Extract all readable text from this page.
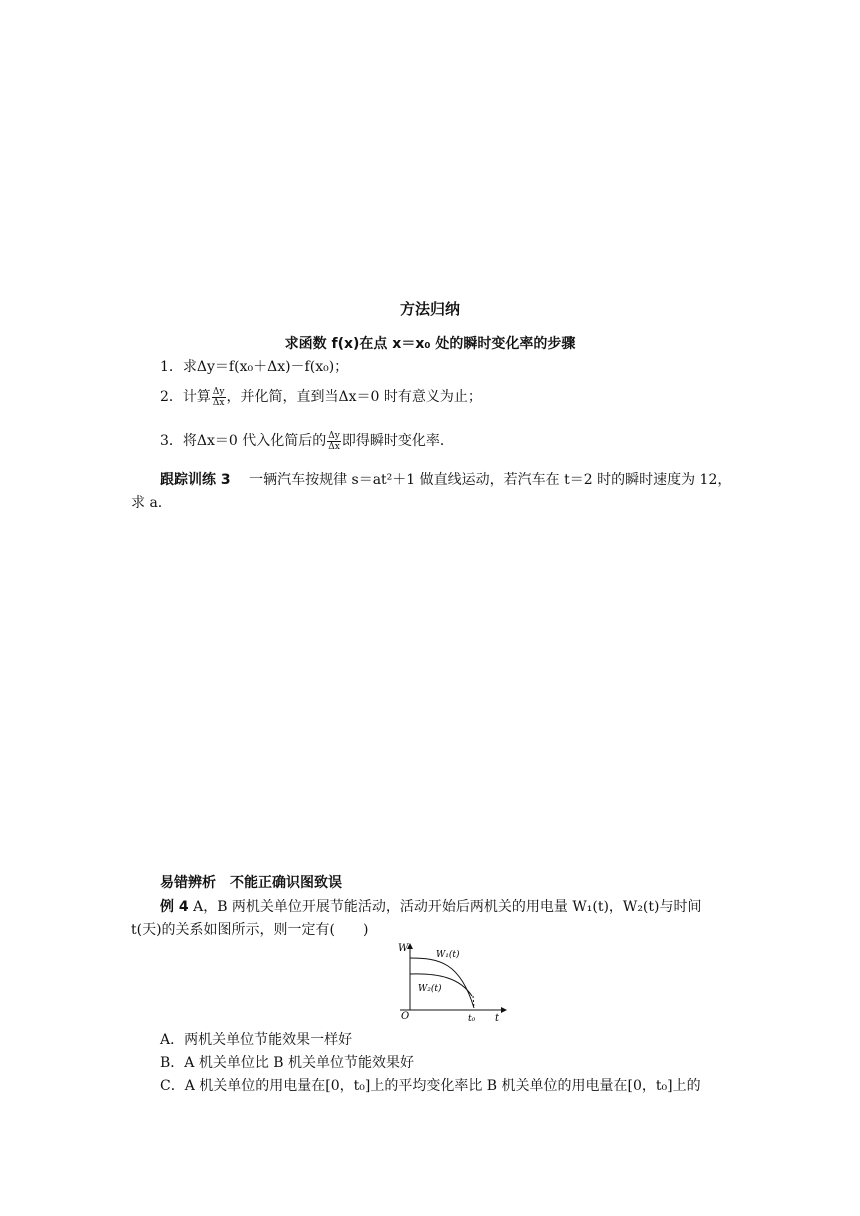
方法归纳
求函数 f(x)在点 x＝x₀ 处的瞬时变化率的步骤
1．求Δy＝f(x₀＋Δx)－f(x₀)；
2．计算 $\frac{\Delta y}{\Delta x}$ ，并化简，直到当Δx＝0 时有意义为止；
3．将Δx＝0 代入化简后的 $\frac{\Delta y}{\Delta x}$ 即得瞬时变化率．
跟踪训练 3　 一辆汽车按规律 s＝at²＋1 做直线运动，若汽车在 t＝2 时的瞬时速度为 12，
求 a.
易错辨析　不能正确识图致误
例 4 A，B 两机关单位开展节能活动，活动开始后两机关的用电量 W₁(t)，W₂(t)与时间
t(天)的关系如图所示，则一定有(　　)
W
t
O	t₀
W₁(t)
W₂(t)
A．两机关单位节能效果一样好
B．A 机关单位比 B 机关单位节能效果好
C．A 机关单位的用电量在[0，t₀]上的平均变化率比 B 机关单位的用电量在[0，t₀]上的
